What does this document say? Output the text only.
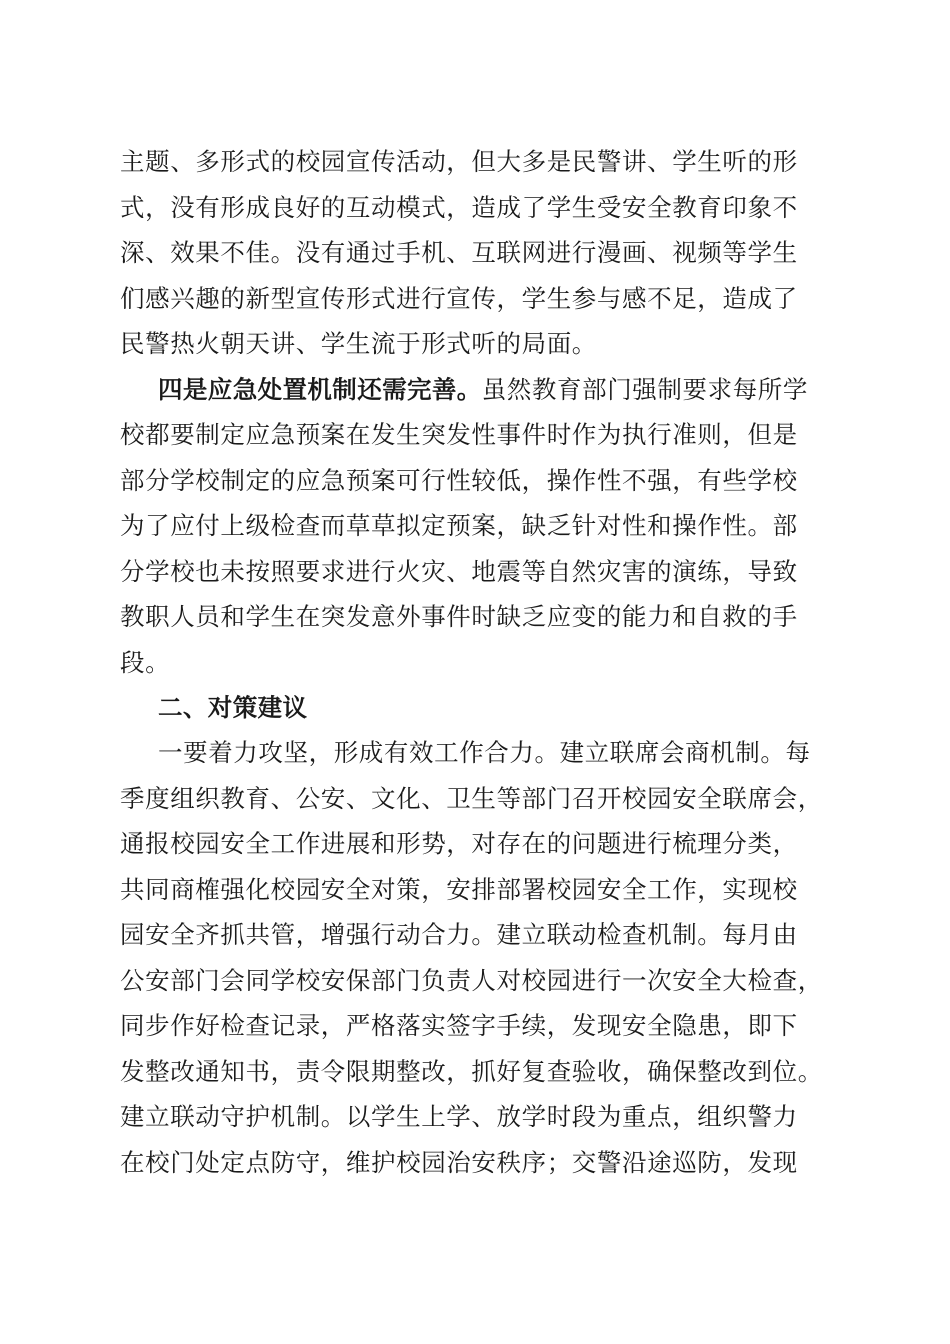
主题、多形式的校园宣传活动，但大多是民警讲、学生听的形
式，没有形成良好的互动模式，造成了学生受安全教育印象不
深、效果不佳。没有通过手机、互联网进行漫画、视频等学生
们感兴趣的新型宣传形式进行宣传，学生参与感不足，造成了
民警热火朝天讲、学生流于形式听的局面。
四是应急处置机制还需完善。虽然教育部门强制要求每所学
校都要制定应急预案在发生突发性事件时作为执行准则，但是
部分学校制定的应急预案可行性较低，操作性不强，有些学校
为了应付上级检查而草草拟定预案，缺乏针对性和操作性。部
分学校也未按照要求进行火灾、地震等自然灾害的演练，导致
教职人员和学生在突发意外事件时缺乏应变的能力和自救的手
段。
二、对策建议
一要着力攻坚，形成有效工作合力。建立联席会商机制。每
季度组织教育、公安、文化、卫生等部门召开校园安全联席会，
通报校园安全工作进展和形势，对存在的问题进行梳理分类，
共同商榷强化校园安全对策，安排部署校园安全工作，实现校
园安全齐抓共管，增强行动合力。建立联动检查机制。每月由
公安部门会同学校安保部门负责人对校园进行一次安全大检查，
同步作好检查记录，严格落实签字手续，发现安全隐患，即下
发整改通知书，责令限期整改，抓好复查验收，确保整改到位。
建立联动守护机制。以学生上学、放学时段为重点，组织警力
在校门处定点防守，维护校园治安秩序；交警沿途巡防，发现
